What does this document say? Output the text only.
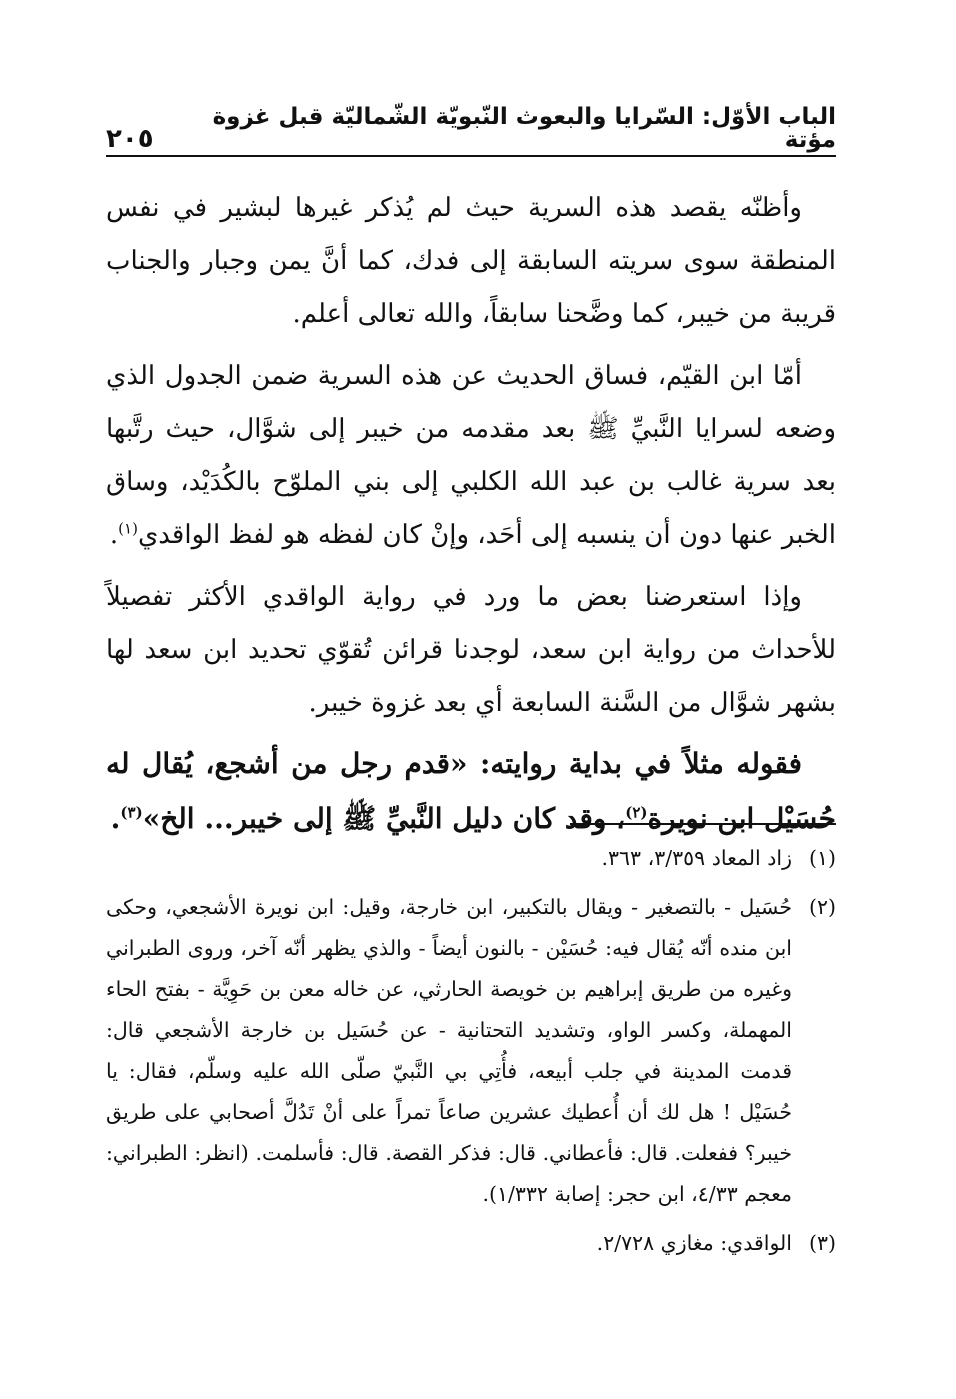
الباب الأوّل: السّرايا والبعوث النّبويّة الشّماليّة قبل غزوة مؤتة
٢٠٥

وأظنّه يقصد هذه السرية حيث لم يُذكر غيرها لبشير في نفس المنطقة سوى سريته السابقة إلى فدك، كما أنَّ يمن وجبار والجناب قريبة من خيبر، كما وضَّحنا سابقاً، والله تعالى أعلم.

أمّا ابن القيّم، فساق الحديث عن هذه السرية ضمن الجدول الذي وضعه لسرايا النَّبيِّ ﷺ بعد مقدمه من خيبر إلى شوَّال، حيث رتَّبها بعد سرية غالب بن عبد الله الكلبي إلى بني الملوّح بالكُدَيْد، وساق الخبر عنها دون أن ينسبه إلى أحَد، وإنْ كان لفظه هو لفظ الواقدي$^{(١)}$.

وإذا استعرضنا بعض ما ورد في رواية الواقدي الأكثر تفصيلاً للأحداث من رواية ابن سعد، لوجدنا قرائن تُقوّي تحديد ابن سعد لها بشهر شوَّال من السَّنة السابعة أي بعد غزوة خيبر.

فقوله مثلاً في بداية روايته: «قدم رجل من أشجع، يُقال له حُسَيْل ابن نويرة$^{(٢)}$، وقد كان دليل النَّبيِّ ﷺ إلى خيبر... الخ»$^{(٣)}$.

(١)
زاد المعاد ٣/٣٥٩، ٣٦٣.
(٢)
حُسَيل - بالتصغير - ويقال بالتكبير، ابن خارجة، وقيل: ابن نويرة الأشجعي، وحكى ابن منده أنّه يُقال فيه: حُسَيْن - بالنون أيضاً - والذي يظهر أنّه آخر، وروى الطبراني وغيره من طريق إبراهيم بن خويصة الحارثي، عن خاله معن بن حَوِيَّة - بفتح الحاء المهملة، وكسر الواو، وتشديد التحتانية - عن حُسَيل بن خارجة الأشجعي قال: قدمت المدينة في جلب أبيعه، فأُتِي بي النَّبيّ صلّى الله عليه وسلّم، فقال: يا حُسَيْل ! هل لك أن أُعطيك عشرين صاعاً تمراً على أنْ تَدُلَّ أصحابي على طريق خيبر؟ ففعلت. قال: فأعطاني. قال: فذكر القصة. قال: فأسلمت. (انظر: الطبراني: معجم ٤/٣٣، ابن حجر: إصابة ١/٣٣٢).
(٣)
الواقدي: مغازي ٢/٧٢٨.
